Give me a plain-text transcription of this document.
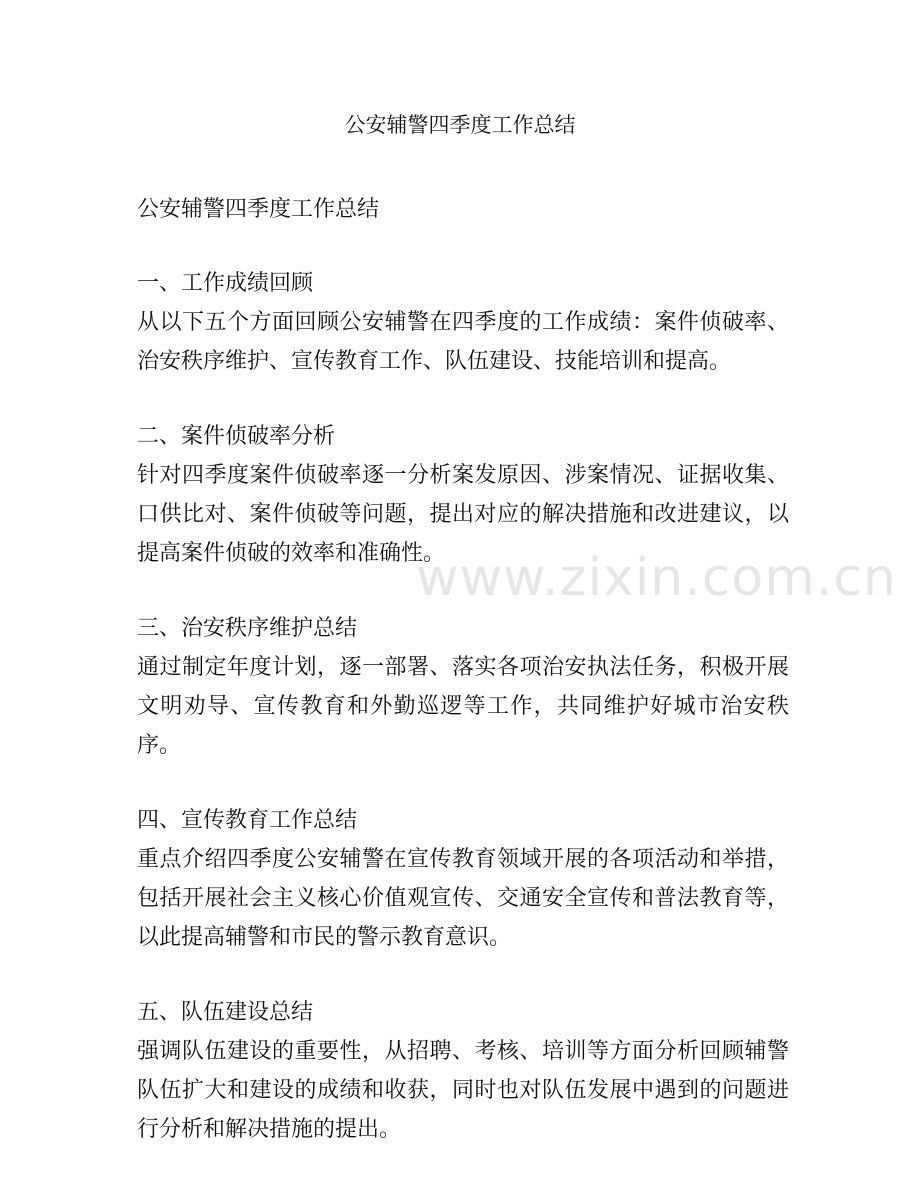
www.zixin.com.cn
公安辅警四季度工作总结

公安辅警四季度工作总结

一、工作成绩回顾

从以下五个方面回顾公安辅警在四季度的工作成绩：案件侦破率、治安秩序维护、宣传教育工作、队伍建设、技能培训和提高。

二、案件侦破率分析

针对四季度案件侦破率逐一分析案发原因、涉案情况、证据收集、口供比对、案件侦破等问题，提出对应的解决措施和改进建议，以提高案件侦破的效率和准确性。

三、治安秩序维护总结

通过制定年度计划，逐一部署、落实各项治安执法任务，积极开展文明劝导、宣传教育和外勤巡逻等工作，共同维护好城市治安秩序。

四、宣传教育工作总结

重点介绍四季度公安辅警在宣传教育领域开展的各项活动和举措，包括开展社会主义核心价值观宣传、交通安全宣传和普法教育等，以此提高辅警和市民的警示教育意识。

五、队伍建设总结

强调队伍建设的重要性，从招聘、考核、培训等方面分析回顾辅警队伍扩大和建设的成绩和收获，同时也对队伍发展中遇到的问题进行分析和解决措施的提出。
